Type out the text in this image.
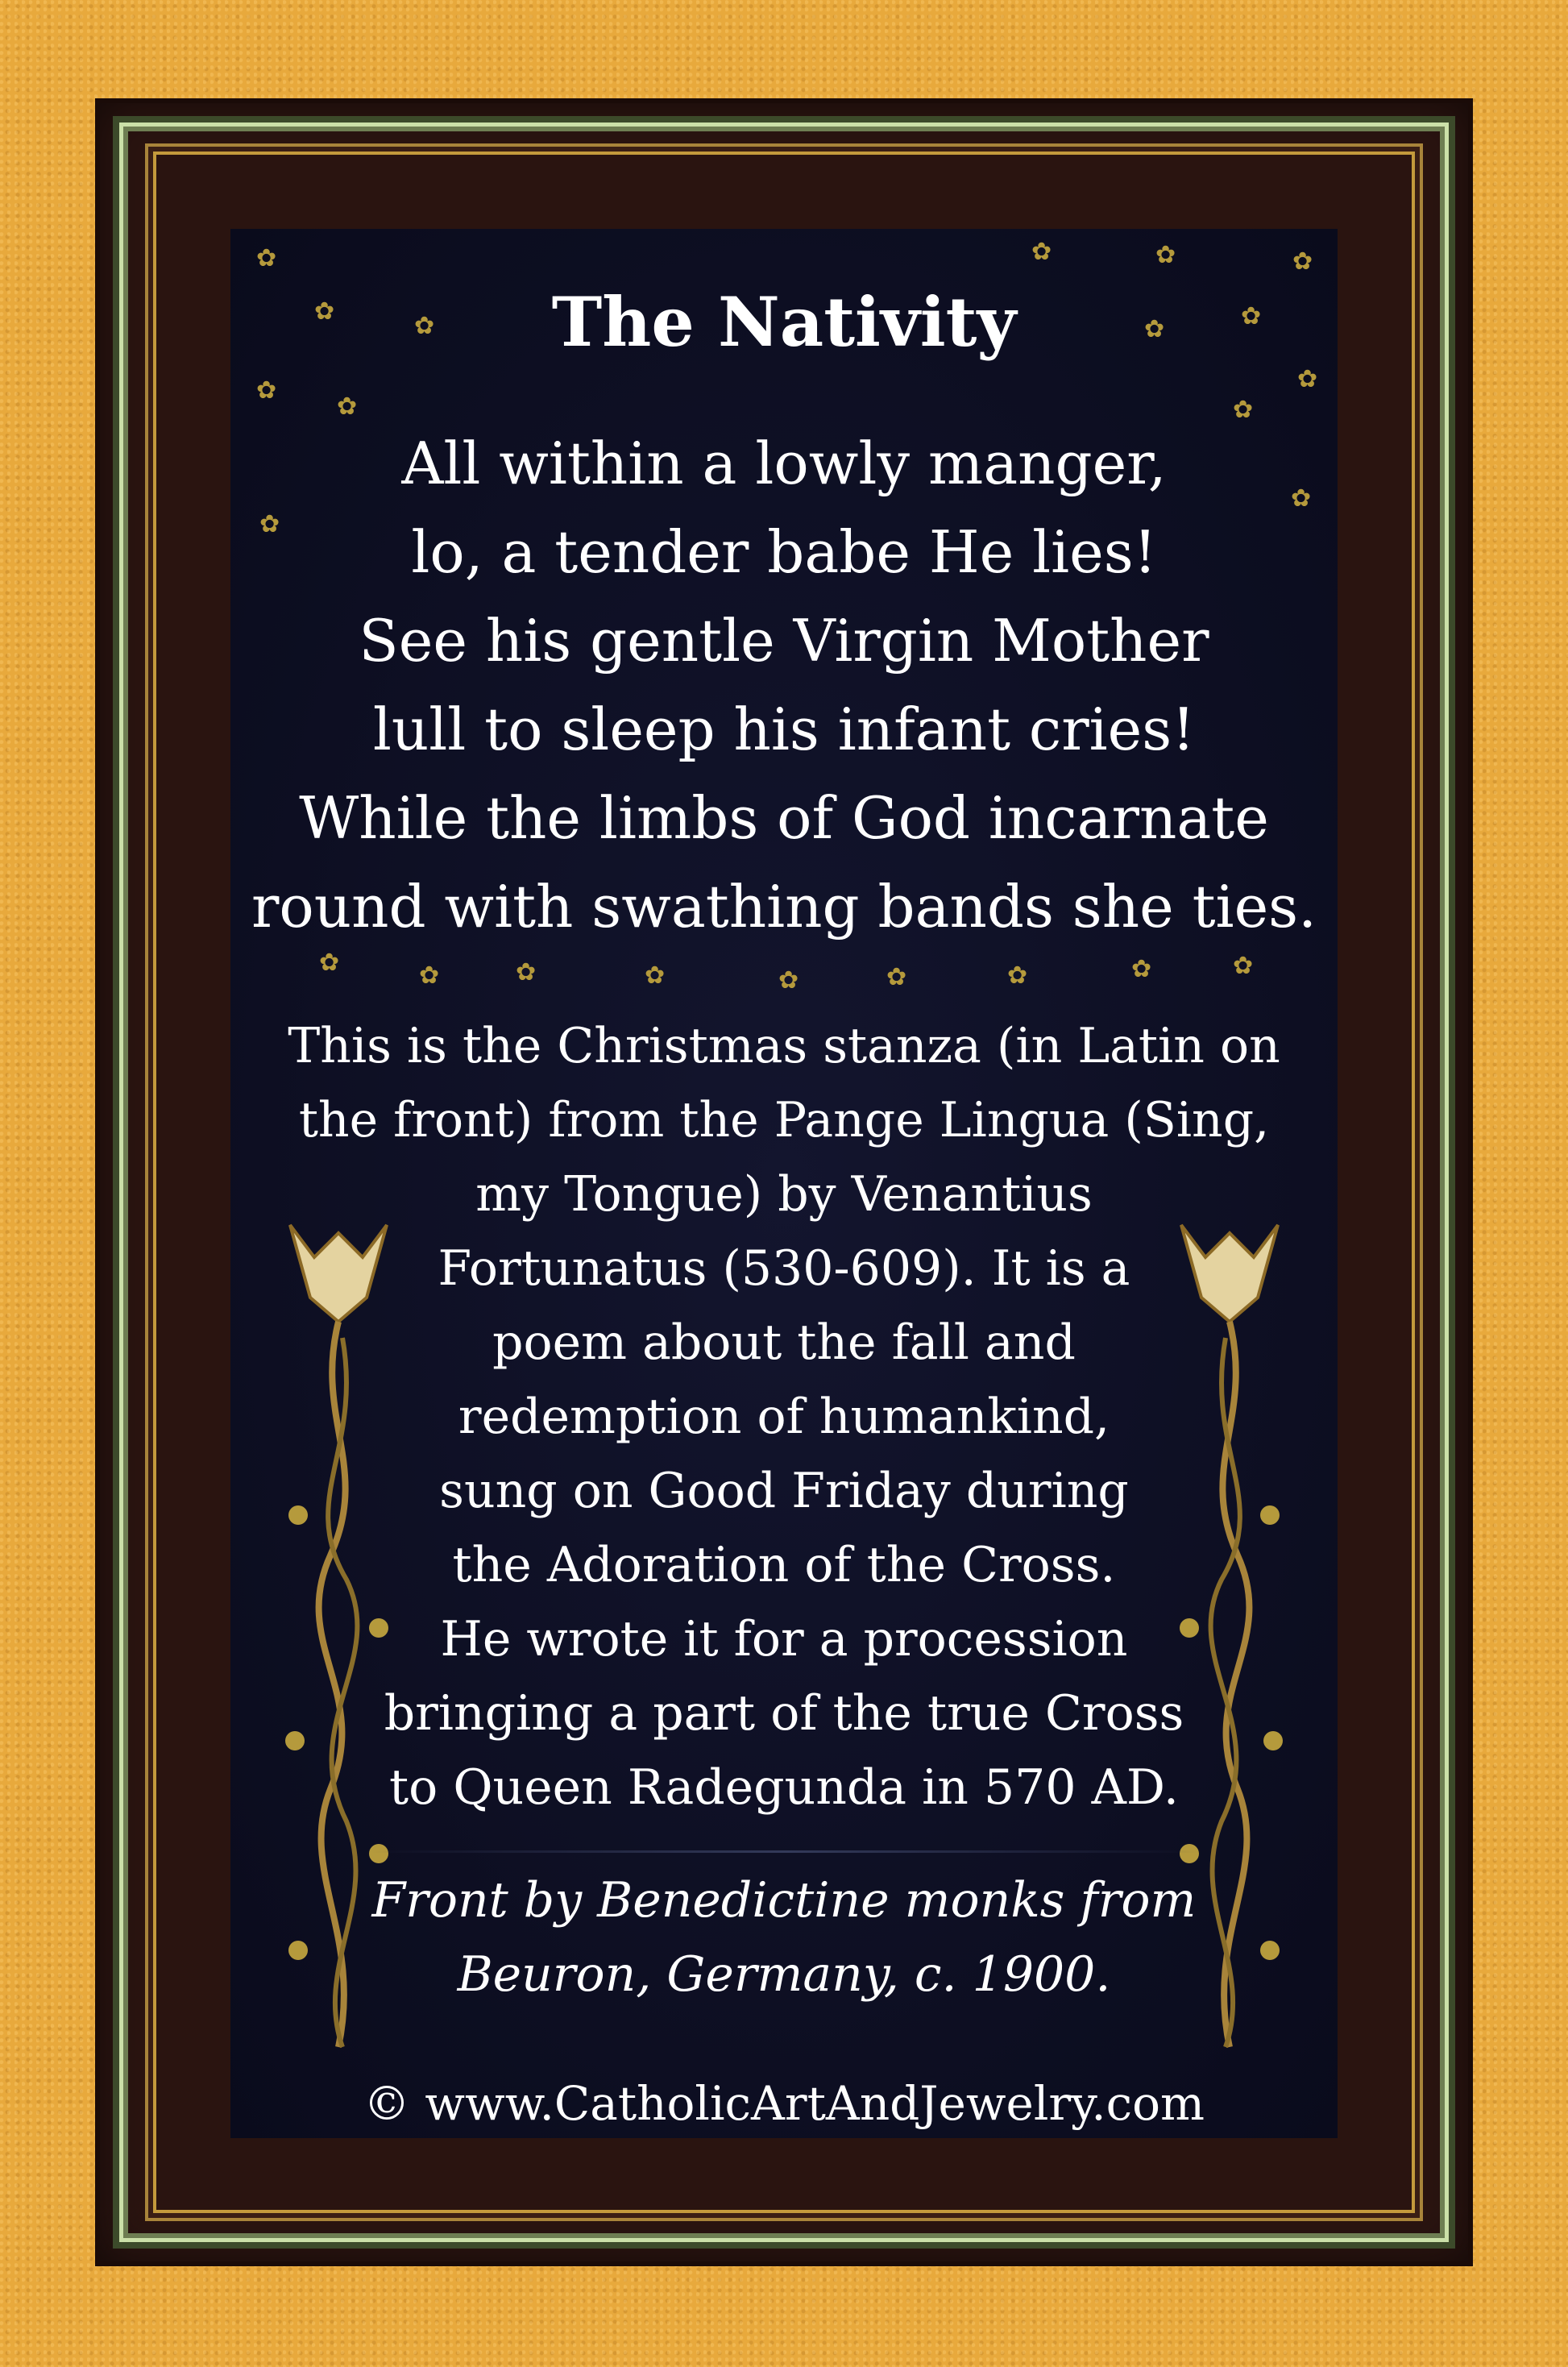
✿
✿
✿
✿
✿
✿
✿	✿	✿
✿	✿
✿
✿
✿
✿	✿	✿	✿	✿	✿	✿	✿	✿
The Nativity
All within a lowly manger,
lo, a tender babe He lies!
See his gentle Virgin Mother
lull to sleep his infant cries!
While the limbs of God incarnate
round with swathing bands she ties.
This is the Christmas stanza (in Latin on
the front) from the Pange Lingua (Sing,
my Tongue) by Venantius
Fortunatus (530-609). It is a
poem about the fall and
redemption of humankind,
sung on Good Friday during
the Adoration of the Cross.
He wrote it for a procession
bringing a part of the true Cross
to Queen Radegunda in 570 AD.
Front by Benedictine monks from
Beuron, Germany, c. 1900.
© www.CatholicArtAndJewelry.com
